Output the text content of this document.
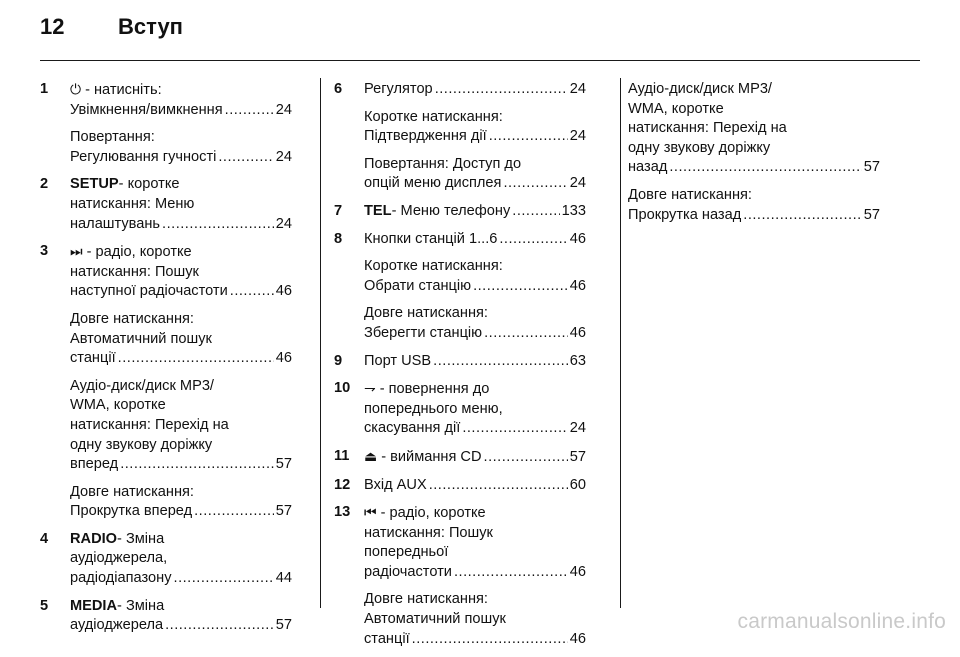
12 Вступ
1 ⏻ - натисніть:
Увімкнення/вимкнення .....	24
Повертання:
Регулювання гучності .....	24
2 SETUP - коротке
натискання: Меню
налаштувань .....	24
3 ⏭ - радіо, коротке
натискання: Пошук
наступної радіочастоти .....	46
Довге натискання:
Автоматичний пошук
станції .....	46
Аудіо-диск/диск MP3/
WMA, коротке
натискання: Перехід на
одну звукову доріжку
вперед .....	57
Довге натискання:
Прокрутка вперед .....	57
4 RADIO - Зміна
аудіоджерела,
радіодіапазону .....	44
5 MEDIA - Зміна
аудіоджерела .....	57
6 Регулятор .....	24
Коротке натискання:
Підтвердження дії .....	24
Повертання: Доступ до
опцій меню дисплея .....	24
7 TEL - Меню телефону .....	133
8 Кнопки станцій 1...6 .....	46
Коротке натискання:
Обрати станцію .....	46
Довге натискання:
Зберегти станцію .....	46
9 Порт USB .....	63
10 ⇁ - повернення до
попереднього меню,
скасування дії .....	24
11 ⏏ - виймання CD .....	57
12 Вхід AUX .....	60
13 ⏮ - радіо, коротке
натискання: Пошук
попередньої
радіочастоти .....	46
Довге натискання:
Автоматичний пошук
станції .....	46
Аудіо-диск/диск MP3/
WMA, коротке
натискання: Перехід на
одну звукову доріжку
назад .....	57
Довге натискання:
Прокрутка назад .....	57
carmanualsonline.info
